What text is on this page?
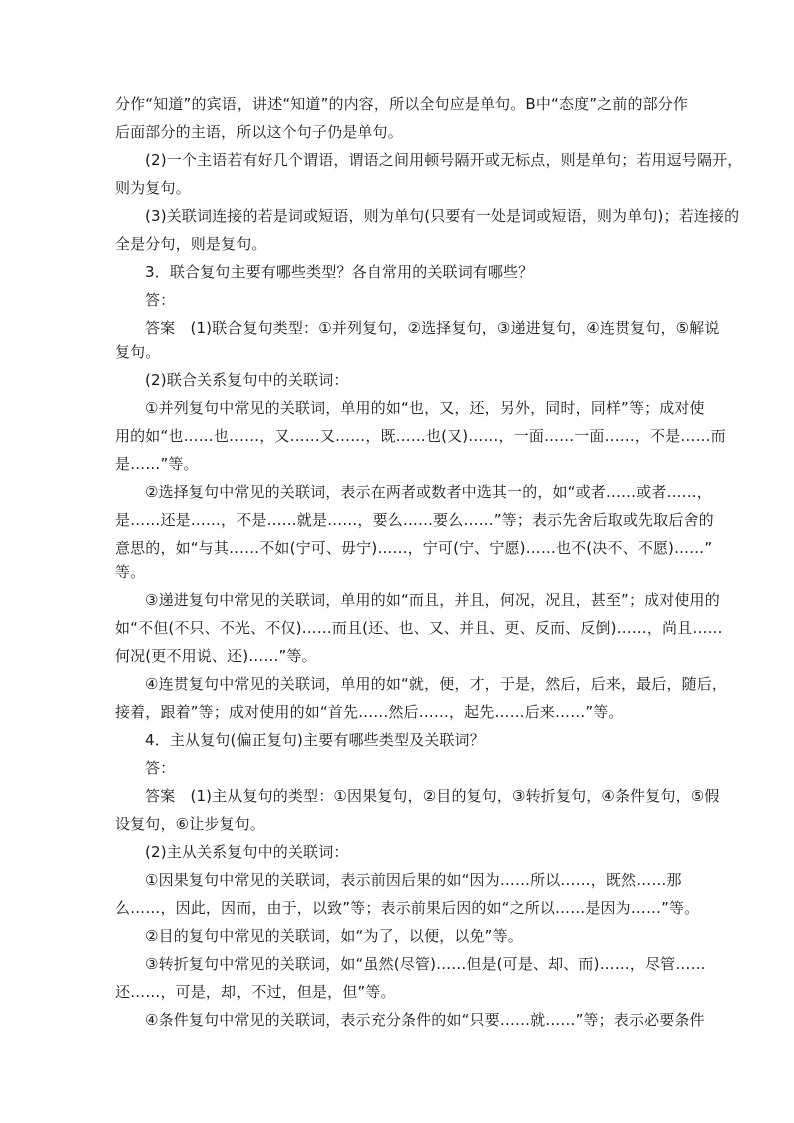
分作“知道”的宾语，讲述“知道”的内容，所以全句应是单句。B中“态度”之前的部分作
后面部分的主语，所以这个句子仍是单句。
(2)一个主语若有好几个谓语，谓语之间用顿号隔开或无标点，则是单句；若用逗号隔开，
则为复句。
(3)关联词连接的若是词或短语，则为单句(只要有一处是词或短语，则为单句)；若连接的
全是分句，则是复句。
3．联合复句主要有哪些类型？各自常用的关联词有哪些？
答：
答案　(1)联合复句类型：①并列复句，②选择复句，③递进复句，④连贯复句，⑤解说
复句。
(2)联合关系复句中的关联词：
①并列复句中常见的关联词，单用的如“也，又，还，另外，同时，同样”等；成对使
用的如“也……也……，又……又……，既……也(又)……，一面……一面……，不是……而
是……”等。
②选择复句中常见的关联词，表示在两者或数者中选其一的，如“或者……或者……，
是……还是……，不是……就是……，要么……要么……”等；表示先舍后取或先取后舍的
意思的，如“与其……不如(宁可、毋宁)……，宁可(宁、宁愿)……也不(决不、不愿)……”
等。
③递进复句中常见的关联词，单用的如“而且，并且，何况，况且，甚至”；成对使用的
如“不但(不只、不光、不仅)……而且(还、也、又、并且、更、反而、反倒)……，尚且……
何况(更不用说、还)……”等。
④连贯复句中常见的关联词，单用的如“就，便，才，于是，然后，后来，最后，随后，
接着，跟着”等；成对使用的如“首先……然后……，起先……后来……”等。
4．主从复句(偏正复句)主要有哪些类型及关联词？
答：
答案　(1)主从复句的类型：①因果复句，②目的复句，③转折复句，④条件复句，⑤假
设复句，⑥让步复句。
(2)主从关系复句中的关联词：
①因果复句中常见的关联词，表示前因后果的如“因为……所以……，既然……那
么……，因此，因而，由于，以致”等；表示前果后因的如“之所以……是因为……”等。
②目的复句中常见的关联词，如“为了，以便，以免”等。
③转折复句中常见的关联词，如“虽然(尽管)……但是(可是、却、而)……，尽管……
还……，可是，却，不过，但是，但”等。
④条件复句中常见的关联词，表示充分条件的如“只要……就……”等；表示必要条件
